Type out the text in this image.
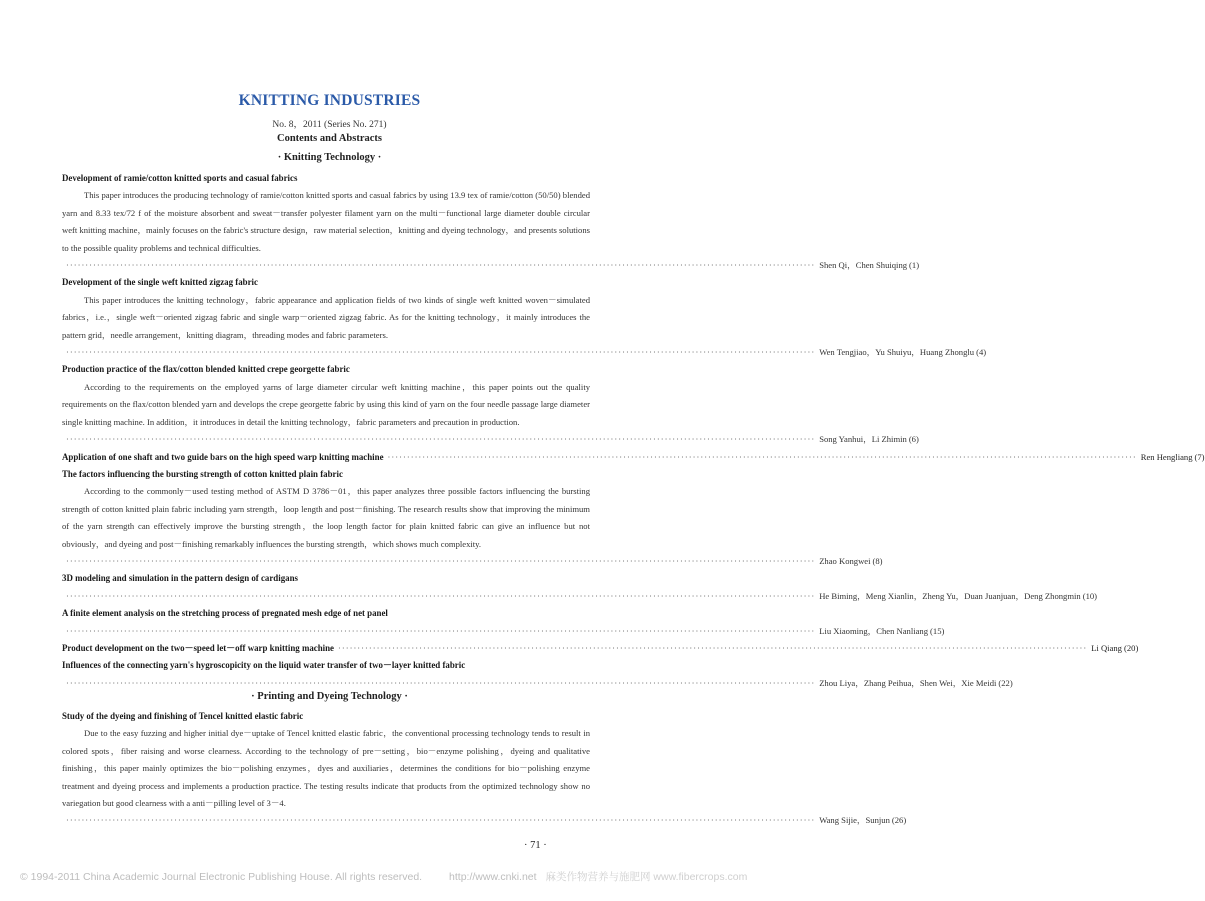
KNITTING INDUSTRIES
No. 8，2011 (Series No. 271)
Contents and Abstracts
· Knitting Technology ·
Development of ramie/cotton knitted sports and casual fabrics
This paper introduces the producing technology of ramie/cotton knitted sports and casual fabrics by using 13.9 tex of ramie/cotton (50/50) blended yarn and 8.33 tex/72 f of the moisture absorbent and sweat－transfer polyester filament yarn on the multi－functional large diameter double circular weft knitting machine，mainly focuses on the fabric's structure design，raw material selection，knitting and dyeing technology，and presents solutions to the possible quality problems and technical difficulties.
·····
Shen Qi，Chen Shuiqing (1)
Development of the single weft knitted zigzag fabric
This paper introduces the knitting technology，fabric appearance and application fields of two kinds of single weft knitted woven－simulated fabrics，i.e.，single weft－oriented zigzag fabric and single warp－oriented zigzag fabric. As for the knitting technology，it mainly introduces the pattern grid，needle arrangement，knitting diagram，threading modes and fabric parameters.
·····
Wen Tengjiao，Yu Shuiyu，Huang Zhonglu (4)
Production practice of the flax/cotton blended knitted crepe georgette fabric
According to the requirements on the employed yarns of large diameter circular weft knitting machine，this paper points out the quality requirements on the flax/cotton blended yarn and develops the crepe georgette fabric by using this kind of yarn on the four needle passage large diameter single knitting machine. In addition，it introduces in detail the knitting technology，fabric parameters and precaution in production.
·····
Song Yanhui，Li Zhimin (6)
Application of one shaft and two guide bars on the high speed warp knitting machine ·····	Ren Hengliang (7)
The factors influencing the bursting strength of cotton knitted plain fabric
According to the commonly－used testing method of ASTM D 3786－01，this paper analyzes three possible factors influencing the bursting strength of cotton knitted plain fabric including yarn strength，loop length and post－finishing. The research results show that improving the minimum of the yarn strength can effectively improve the bursting strength，the loop length factor for plain knitted fabric can give an influence but not obviously，and dyeing and post－finishing remarkably influences the bursting strength，which shows much complexity.
·····
Zhao Kongwei (8)
3D modeling and simulation in the pattern design of cardigans
·····
He Biming，Meng Xianlin，Zheng Yu，Duan Juanjuan，Deng Zhongmin (10)
A finite element analysis on the stretching process of pregnated mesh edge of net panel
·····
Liu Xiaoming，Chen Nanliang (15)
Product development on the two－speed let－off warp knitting machine ·····	Li Qiang (20)
Influences of the connecting yarn's hygroscopicity on the liquid water transfer of two－layer knitted fabric
·····
Zhou Liya，Zhang Peihua，Shen Wei，Xie Meidi (22)
· Printing and Dyeing Technology ·
Study of the dyeing and finishing of Tencel knitted elastic fabric
Due to the easy fuzzing and higher initial dye－uptake of Tencel knitted elastic fabric，the conventional processing technology tends to result in colored spots，fiber raising and worse clearness. According to the technology of pre－setting，bio－enzyme polishing，dyeing and qualitative finishing，this paper mainly optimizes the bio－polishing enzymes，dyes and auxiliaries，determines the conditions for bio－polishing enzyme treatment and dyeing process and implements a production practice. The testing results indicate that products from the optimized technology show no variegation but good clearness with a anti－pilling level of 3－4.
·····
Wang Sijie，Sunjun (26)
· 71 ·
© 1994-2011 China Academic Journal Electronic Publishing House. All rights reserved.	http://www.cnki.net 麻类作物营养与施肥网 www.fibercrops.com
